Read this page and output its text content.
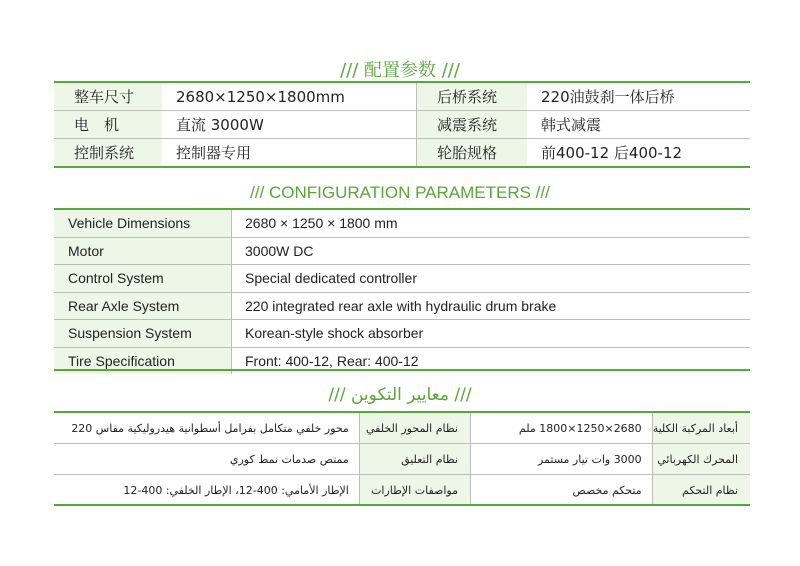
/// 配置参数 ///
整车尺寸	2680×1250×1800mm	后桥系统	220油鼓刹一体后桥
电　机	直流 3000W	减震系统	韩式减震
控制系统	控制器专用	轮胎规格	前400-12 后400-12
/// CONFIGURATION PARAMETERS ///
Vehicle Dimensions	2680 × 1250 × 1800 mm
Motor	3000W DC
Control System	Special dedicated controller
Rear Axle System	220 integrated rear axle with hydraulic drum brake
Suspension System	Korean-style shock absorber
Tire Specification	Front: 400-12, Rear: 400-12
/// معايير التكوين ///
محور خلفي متكامل بفرامل أسطوانية هيدروليكية مقاس 220	نظام المحور الخلفي	2680×1250×1800 ملم	أبعاد المركبة الكلية
ممتص صدمات نمط كوري	نظام التعليق	3000 وات تيار مستمر	المحرك الكهربائي
الإطار الأمامي: 400-12، الإطار الخلفي: 400-12	مواصفات الإطارات	متحكم مخصص	نظام التحكم
